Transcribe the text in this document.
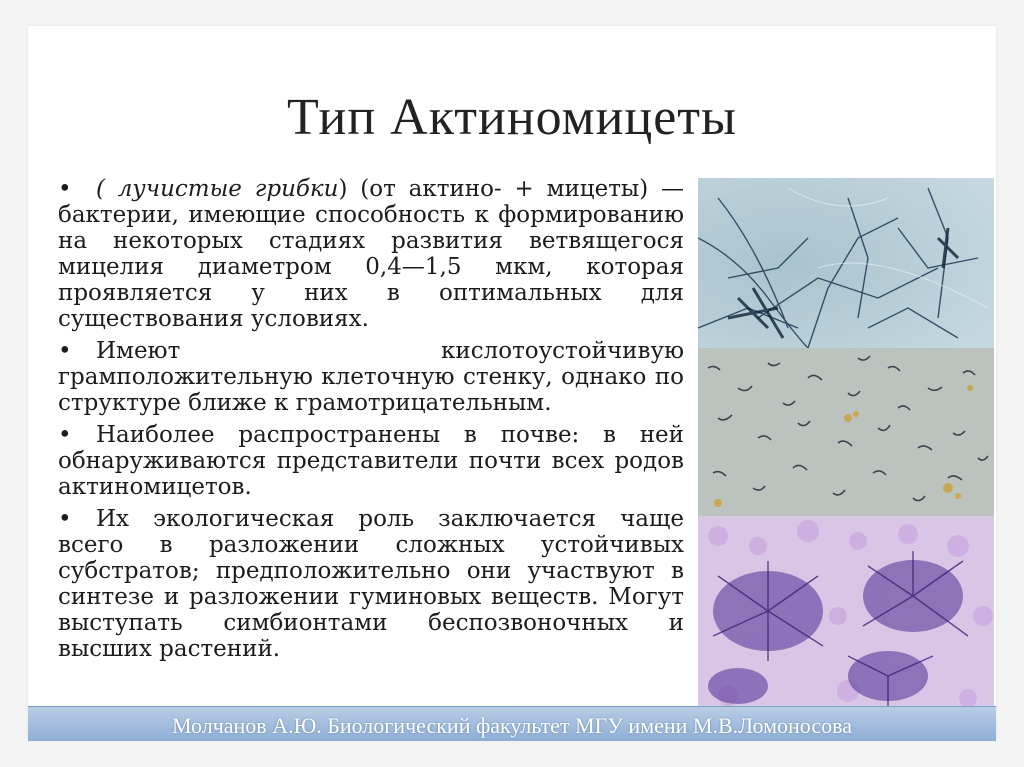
Тип Актиномицеты

• ( лучистые грибки) (от актино- + мицеты) — бактерии, имеющие способность к формированию на некоторых стадиях развития ветвящегося мицелия диаметром 0,4—1,5 мкм, которая проявляется у них в оптимальных для существования условиях.

• Имеют кислотоустойчивую грамположительную клеточную стенку, однако по структуре ближе к грамотрицательным.

• Наиболее распространены в почве: в ней обнаруживаются представители почти всех родов актиномицетов.

• Их экологическая роль заключается чаще всего в разложении сложных устойчивых субстратов; предположительно они участвуют в синтезе и разложении гуминовых веществ. Могут выступать симбионтами беспозвоночных и высших растений.

Молчанов А.Ю. Биологический факультет МГУ имени М.В.Ломоносова
